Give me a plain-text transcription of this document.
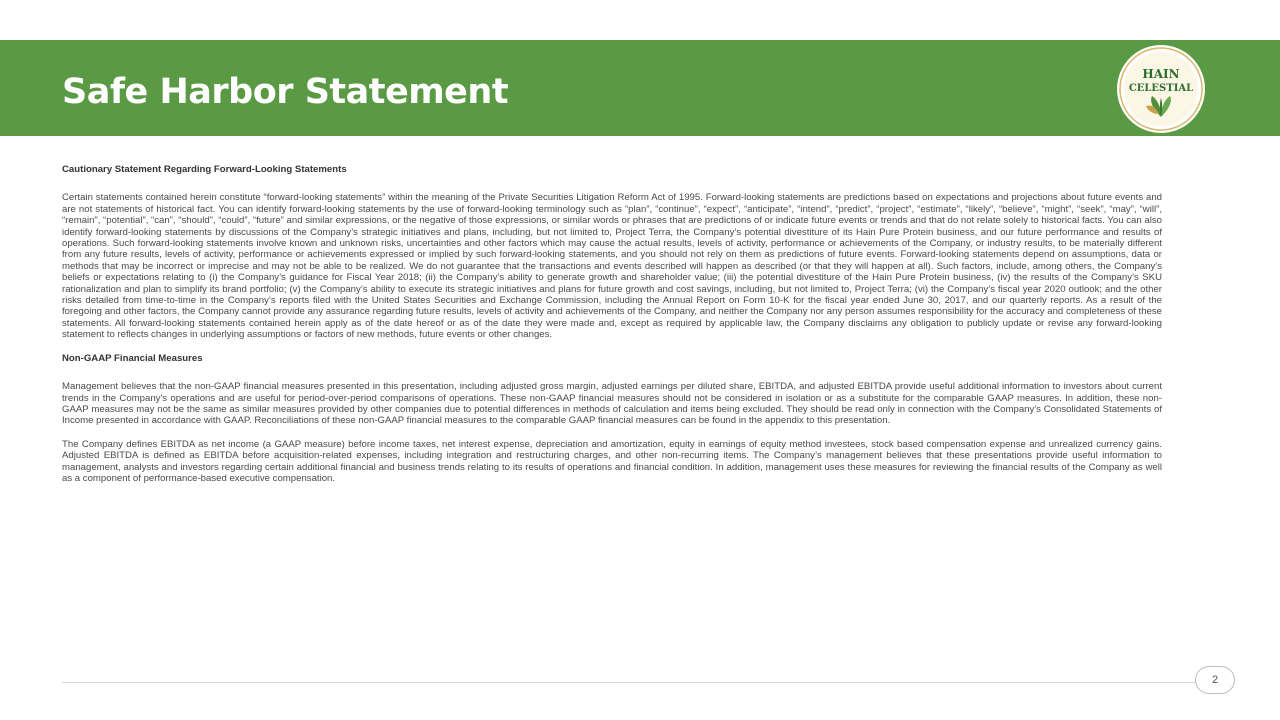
Safe Harbor Statement	HAIN
CELESTIAL

Cautionary Statement Regarding Forward-Looking Statements

Certain statements contained herein constitute “forward-looking statements” within the meaning of the Private Securities Litigation Reform Act of 1995. Forward-looking statements are predictions based on expectations and projections about future events and are not statements of historical fact. You can identify forward-looking statements by the use of forward-looking terminology such as “plan”, “continue”, “expect”, “anticipate”, “intend”, “predict”, “project”, “estimate”, “likely”, “believe”, “might”, “seek”, “may”, “will”, “remain”, “potential”, “can”, “should”, “could”, “future” and similar expressions, or the negative of those expressions, or similar words or phrases that are predictions of or indicate future events or trends and that do not relate solely to historical facts. You can also identify forward-looking statements by discussions of the Company’s strategic initiatives and plans, including, but not limited to, Project Terra, the Company’s potential divestiture of its Hain Pure Protein business, and our future performance and results of operations. Such forward-looking statements involve known and unknown risks, uncertainties and other factors which may cause the actual results, levels of activity, performance or achievements of the Company, or industry results, to be materially different from any future results, levels of activity, performance or achievements expressed or implied by such forward-looking statements, and you should not rely on them as predictions of future events. Forward-looking statements depend on assumptions, data or methods that may be incorrect or imprecise and may not be able to be realized. We do not guarantee that the transactions and events described will happen as described (or that they will happen at all). Such factors, include, among others, the Company’s beliefs or expectations relating to (i) the Company’s guidance for Fiscal Year 2018; (ii) the Company’s ability to generate growth and shareholder value; (iii) the potential divestiture of the Hain Pure Protein business, (iv) the results of the Company’s SKU rationalization and plan to simplify its brand portfolio; (v) the Company’s ability to execute its strategic initiatives and plans for future growth and cost savings, including, but not limited to, Project Terra; (vi) the Company’s fiscal year 2020 outlook; and the other risks detailed from time-to-time in the Company’s reports filed with the United States Securities and Exchange Commission, including the Annual Report on Form 10-K for the fiscal year ended June 30, 2017, and our quarterly reports. As a result of the foregoing and other factors, the Company cannot provide any assurance regarding future results, levels of activity and achievements of the Company, and neither the Company nor any person assumes responsibility for the accuracy and completeness of these statements. All forward-looking statements contained herein apply as of the date hereof or as of the date they were made and, except as required by applicable law, the Company disclaims any obligation to publicly update or revise any forward-looking statement to reflects changes in underlying assumptions or factors of new methods, future events or other changes.

Non-GAAP Financial Measures

Management believes that the non-GAAP financial measures presented in this presentation, including adjusted gross margin, adjusted earnings per diluted share, EBITDA, and adjusted EBITDA provide useful additional information to investors about current trends in the Company's operations and are useful for period-over-period comparisons of operations. These non-GAAP financial measures should not be considered in isolation or as a substitute for the comparable GAAP measures. In addition, these non-GAAP measures may not be the same as similar measures provided by other companies due to potential differences in methods of calculation and items being excluded. They should be read only in connection with the Company's Consolidated Statements of Income presented in accordance with GAAP. Reconciliations of these non-GAAP financial measures to the comparable GAAP financial measures can be found in the appendix to this presentation.

The Company defines EBITDA as net income (a GAAP measure) before income taxes, net interest expense, depreciation and amortization, equity in earnings of equity method investees, stock based compensation expense and unrealized currency gains. Adjusted EBITDA is defined as EBITDA before acquisition-related expenses, including integration and restructuring charges, and other non-recurring items. The Company’s management believes that these presentations provide useful information to management, analysts and investors regarding certain additional financial and business trends relating to its results of operations and financial condition. In addition, management uses these measures for reviewing the financial results of the Company as well as a component of performance-based executive compensation.

2
